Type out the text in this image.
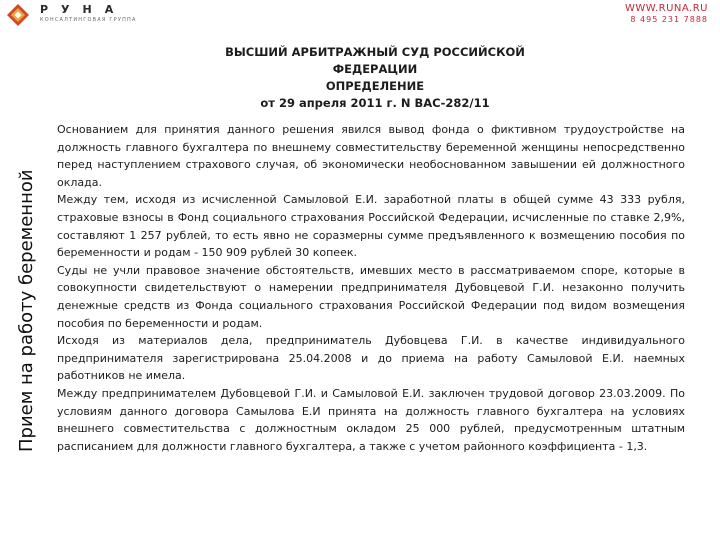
РУНА
КОНСАЛТИНГОВАЯ ГРУППА
WWW.RUNA.RU
8 495 231 7888
Прием на работу беременной
ВЫСШИЙ АРБИТРАЖНЫЙ СУД РОССИЙСКОЙ ФЕДЕРАЦИИ
ОПРЕДЕЛЕНИЕ
от 29 апреля 2011 г. N ВАС-282/11

Основанием для принятия данного решения явился вывод фонда о фиктивном трудоустройстве на должность главного бухгалтера по внешнему совместительству беременной женщины непосредственно перед наступлением страхового случая, об экономически необоснованном завышении ей должностного оклада.

Между тем, исходя из исчисленной Самыловой Е.И. заработной платы в общей сумме 43 333 рубля, страховые взносы в Фонд социального страхования Российской Федерации, исчисленные по ставке 2,9%, составляют 1 257 рублей, то есть явно не соразмерны сумме предъявленного к возмещению пособия по беременности и родам - 150 909 рублей 30 копеек.

Суды не учли правовое значение обстоятельств, имевших место в рассматриваемом споре, которые в совокупности свидетельствуют о намерении предпринимателя Дубовцевой Г.И. незаконно получить денежные средств из Фонда социального страхования Российской Федерации под видом возмещения пособия по беременности и родам.

Исходя из материалов дела, предприниматель Дубовцева Г.И. в качестве индивидуального предпринимателя зарегистрирована 25.04.2008 и до приема на работу Самыловой Е.И. наемных работников не имела.

Между предпринимателем Дубовцевой Г.И. и Самыловой Е.И. заключен трудовой договор 23.03.2009. По условиям данного договора Самылова Е.И принята на должность главного бухгалтера на условиях внешнего совместительства с должностным окладом 25 000 рублей, предусмотренным штатным расписанием для должности главного бухгалтера, а также с учетом районного коэффициента - 1,3.
